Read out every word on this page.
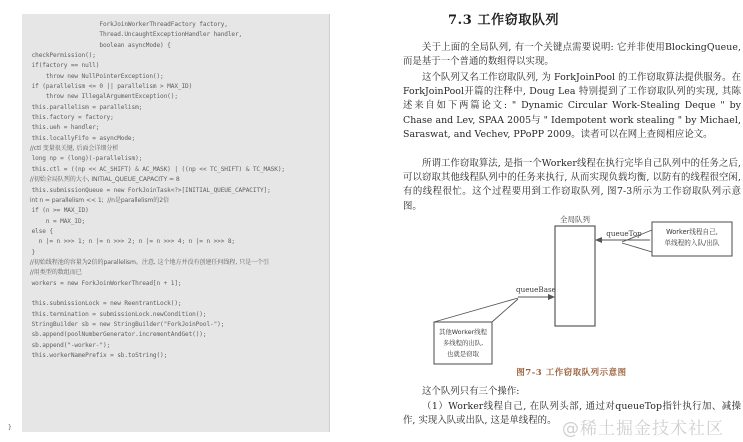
ForkJoinWorkerThreadFactory factory,
Thread.UncaughtExceptionHandler handler,
boolean asyncMode) {
checkPermission();
if(factory == null)
throw new NullPointerException();
if (parallelism <= 0 || parallelism > MAX_ID)
throw new IllegalArgumentException();
this.parallelism = parallelism;
this.factory = factory;
this.ueh = handler;
this.locallyFifo = asyncMode;
//ctl 变量很关键, 后面会详细分析
long np = (long)(-parallelism);
this.ctl = ((np << AC_SHIFT) & AC_MASK) | ((np << TC_SHIFT) & TC_MASK);
//初始全局队列的大小, INITIAL_QUEUE_CAPACITY = 8
this.submissionQueue = new ForkJoinTask<?>[INITIAL_QUEUE_CAPACITY];
int n = parallelism << 1;  //n是parallelism的2倍
if (n >= MAX_ID)
n = MAX_ID;
else {
n |= n >>> 1; n |= n >>> 2; n |= n >>> 4; n |= n >>> 8;
}
//初始线程池的容量为2倍的parallelism。注意, 这个地方并没有创建任何线程, 只是一个引
//用类型的数组而已
workers = new ForkJoinWorkerThread[n + 1];

this.submissionLock = new ReentrantLock();
this.termination = submissionLock.newCondition();
StringBuilder sb = new StringBuilder("ForkJoinPool-");
sb.append(poolNumberGenerator.incrementAndGet());
sb.append("-worker-");
this.workerNamePrefix = sb.toString();
}
7.3 工作窃取队列
关于上面的全局队列, 有一个关键点需要说明: 它并非使用BlockingQueue, 而是基于一个普通的数组得以实现。
这个队列又名工作窃取队列, 为 ForkJoinPool 的工作窃取算法提供服务。在 ForkJoinPool开篇的注释中, Doug Lea 特别提到了工作窃取队列的实现, 其陈述来自如下两篇论文: " Dynamic Circular Work-Stealing Deque " by Chase and Lev, SPAA 2005与 " Idempotent work stealing " by Michael, Saraswat, and Vechev, PPoPP 2009。读者可以在网上查阅相应论文。
所谓工作窃取算法, 是指一个Worker线程在执行完毕自己队列中的任务之后, 可以窃取其他线程队列中的任务来执行, 从而实现负载均衡, 以防有的线程很空闲, 有的线程很忙。这个过程要用到工作窃取队列, 图7-3所示为工作窃取队列示意图。
全局队列
queueTop	Worker线程自己,
单线程的入队/出队
queueBase
其他Worker线程
多线程的出队,
也就是窃取
图7-3 工作窃取队列示意图
这个队列只有三个操作:
（1）Worker线程自己, 在队列头部, 通过对queueTop指针执行加、减操作, 实现入队或出队, 这是单线程的。 @稀土掘金技术社区
